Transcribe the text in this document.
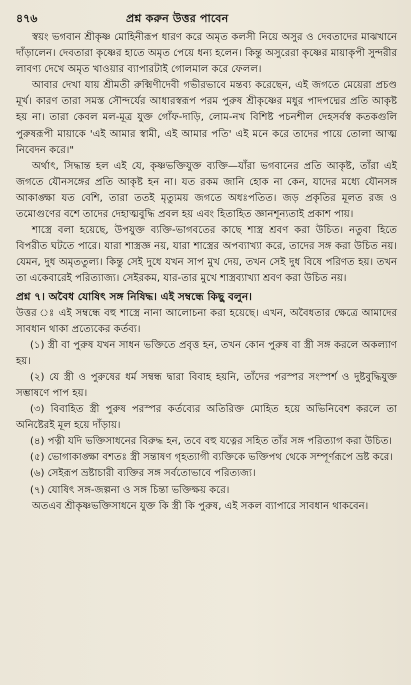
৪৭৬	প্রশ্ন করুন উত্তর পাবেন

স্বয়ং ভগবান শ্রীকৃষ্ণ মোহিনীরূপ ধারণ করে অমৃত কলসী নিয়ে অসুর ও দেবতাদের মাঝখানে দাঁড়ালেন। দেবতারা কৃষ্ণের হাতে অমৃত পেয়ে ধন্য হলেন। কিন্তু অসুরেরা কৃষ্ণের মায়াকৃপী সুন্দরীর লাবণ্য দেখে অমৃত খাওয়ার ব্যাপারটাই গোলমাল করে ফেলল।

আবার দেখা যায় শ্রীমতী রুক্মিণীদেবী গভীরভাবে মন্তব্য করেছেন, এই জগতে মেয়েরা প্রচণ্ড মূর্খ। কারণ তারা সমস্ত সৌন্দর্যের আধারস্বরূপ পরম পুরুষ শ্রীকৃষ্ণের মধুর পাদপদ্মের প্রতি আকৃষ্ট হয় না। তারা কেবল মল-মূত্র যুক্ত গোঁফ-দাড়ি, লোম-নখ বিশিষ্ট পচনশীল দেহসর্বস্ব কতকগুলি পুরুষরূপী মায়াকে 'এই আমার স্বামী, এই আমার পতি' এই মনে করে তাদের পায়ে তোলা আত্ম নিবেদন করে।"

অর্থাৎ, সিদ্ধান্ত হল এই যে, কৃষ্ণভক্তিযুক্ত ব্যক্তি—যাঁরা ভগবানের প্রতি আকৃষ্ট, তাঁরা এই জগতে যৌনসঙ্গের প্রতি আকৃষ্ট হন না। যত রকম জানি হোক না কেন, যাদের মধ্যে যৌনসঙ্গ আকাঙ্ক্ষা যত বেশি, তারা ততই মৃত্যুময় জগতে অধঃপতিত। জড় প্রকৃতির মূলত রজ ও তমোগুণের বশে তাদের দেহাত্মবুদ্ধি প্রবল হয় এবং হিতাহিত জ্ঞানশূন্যতাই প্রকাশ পায়।

শাস্ত্রে বলা হয়েছে, উপযুক্ত ব্যক্তি-ভাগবতের কাছে শাস্ত্র শ্রবণ করা উচিত। নতুবা হিতে বিপরীত ঘটতে পারে। যারা শাস্ত্রজ্ঞ নয়, যারা শাস্ত্রের অপব্যাখ্যা করে, তাদের সঙ্গ করা উচিত নয়। যেমন, দুধ অমৃততুল্য। কিন্তু সেই দুধে যখন সাপ মুখ দেয়, তখন সেই দুধ বিষে পরিণত হয়। তখন তা একেবারেই পরিত্যাজ্য। সেইরকম, যার-তার মুখে শাস্ত্রব্যাখ্যা শ্রবণ করা উচিত নয়।

প্রশ্ন ৭। অবৈধ যোষিৎ সঙ্গ নিষিদ্ধ। এই সম্বন্ধে কিছু বলুন।

উত্তর ঃ এই সম্বন্ধে বহু শাস্ত্রে নানা আলোচনা করা হয়েছে। এখন, অবৈধতার ক্ষেত্রে আমাদের সাবধান থাকা প্রত্যেকের কর্তব্য।

(১) স্ত্রী বা পুরুষ যখন সাধন ভক্তিতে প্রবৃত্ত হন, তখন কোন পুরুষ বা স্ত্রী সঙ্গ করলে অকল্যাণ হয়।

(২) যে স্ত্রী ও পুরুষের ধর্ম সম্বন্ধ দ্বারা বিবাহ হয়নি, তাঁদের পরস্পর সংস্পর্শ ও দুষ্টবুদ্ধিযুক্ত সম্ভাষণে পাপ হয়।

(৩) বিবাহিত স্ত্রী পুরুষ পরস্পর কর্তব্যের অতিরিক্ত মোহিত হয়ে অভিনিবেশ করলে তা অনিষ্টেরই মূল হয়ে দাঁড়ায়।

(৪) পত্নী যদি ভক্তিসাধনের বিরুদ্ধ হন, তবে বহু যত্নের সহিত তাঁর সঙ্গ পরিত্যাগ করা উচিত।

(৫) ভোগাকাঙ্ক্ষা বশতঃ স্ত্রী সন্তাষণ গৃহত্যাগী ব্যক্তিকে ভক্তিপথ থেকে সম্পূর্ণরূপে ভ্রষ্ট করে।

(৬) সেইরূপ ভ্রষ্টাচারী ব্যক্তির সঙ্গ সর্বতোভাবে পরিত্যজ্য।

(৭) যোষিৎ সঙ্গ-জল্পনা ও সঙ্গ চিন্তা ভক্তিক্ষয় করে।

অতএব শ্রীকৃষ্ণভক্তিসাধনে যুক্ত কি স্ত্রী কি পুরুষ, এই সকল ব্যাপারে সাবধান থাকবেন।
